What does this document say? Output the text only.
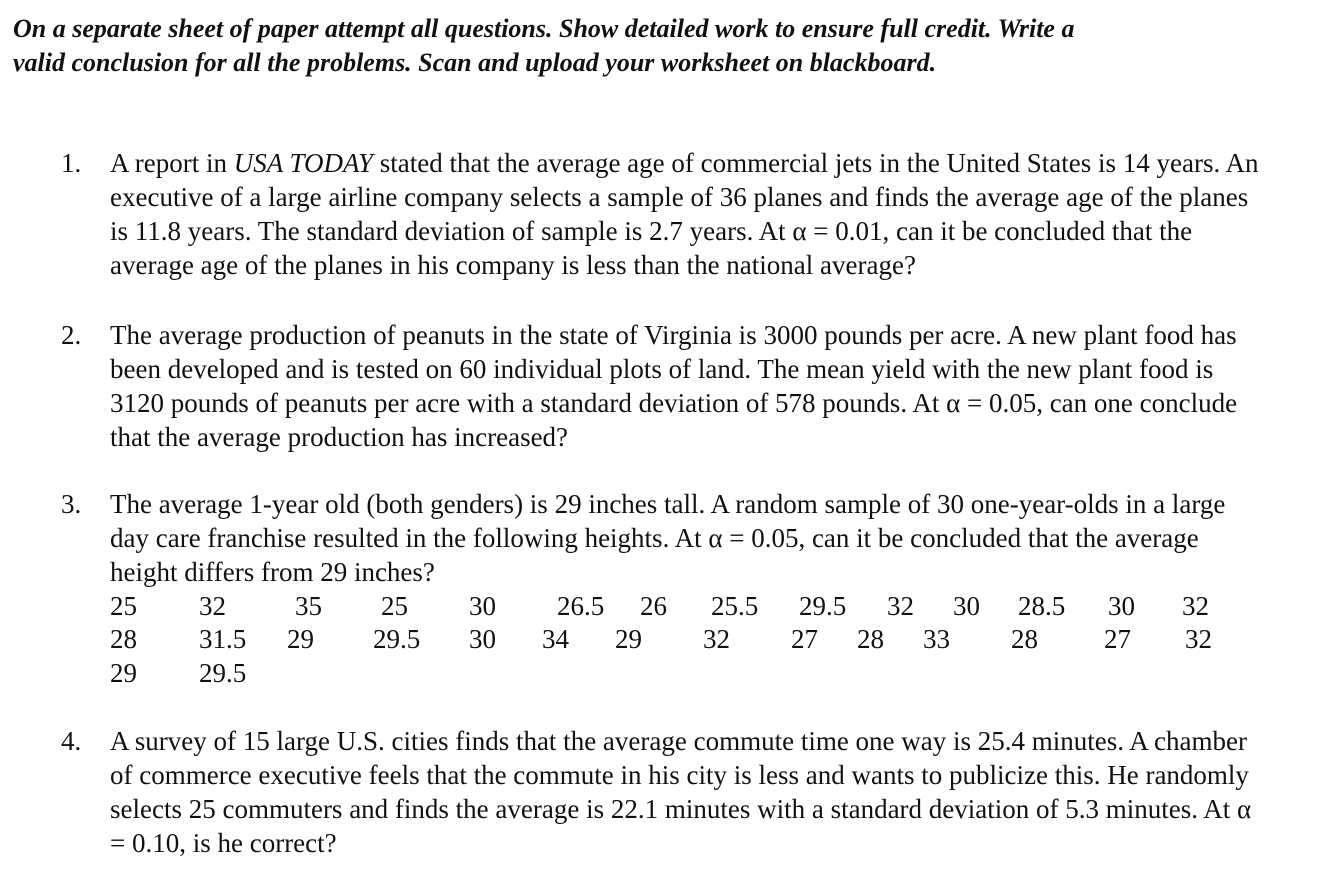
On a separate sheet of paper attempt all questions. Show detailed work to ensure full credit. Write a
valid conclusion for all the problems. Scan and upload your worksheet on blackboard.
1. A report in USA TODAY stated that the average age of commercial jets in the United States is 14 years. An executive of a large airline company selects a sample of 36 planes and finds the average age of the planes is 11.8 years. The standard deviation of sample is 2.7 years. At α = 0.01, can it be concluded that the average age of the planes in his company is less than the national average?
2. The average production of peanuts in the state of Virginia is 3000 pounds per acre. A new plant food has been developed and is tested on 60 individual plots of land. The mean yield with the new plant food is 3120 pounds of peanuts per acre with a standard deviation of 578 pounds. At α = 0.05, can one conclude that the average production has increased?
3. The average 1-year old (both genders) is 29 inches tall. A random sample of 30 one-year-olds in a large day care franchise resulted in the following heights. At α = 0.05, can it be concluded that the average height differs from 29 inches?
25 32	35 25 30 26.5 26 25.5 29.5 32 30 28.5 30 32
28 31.5 29 29.5 30 34 29 32 27 28 33 28 27 32
29 29.5
4. A survey of 15 large U.S. cities finds that the average commute time one way is 25.4 minutes. A chamber of commerce executive feels that the commute in his city is less and wants to publicize this. He randomly selects 25 commuters and finds the average is 22.1 minutes with a standard deviation of 5.3 minutes. At α = 0.10, is he correct?
